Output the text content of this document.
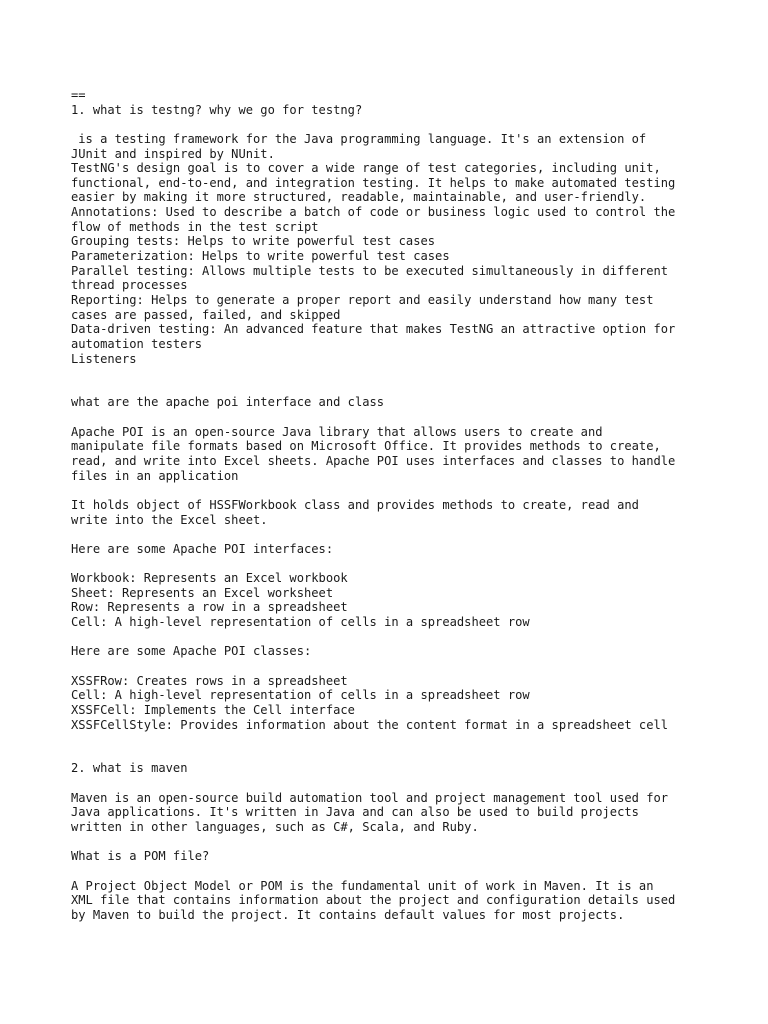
==
1. what is testng? why we go for testng?
is a testing framework for the Java programming language. It's an extension of
JUnit and inspired by NUnit.
TestNG's design goal is to cover a wide range of test categories, including unit,
functional, end-to-end, and integration testing. It helps to make automated testing
easier by making it more structured, readable, maintainable, and user-friendly.
Annotations: Used to describe a batch of code or business logic used to control the
flow of methods in the test script
Grouping tests: Helps to write powerful test cases
Parameterization: Helps to write powerful test cases
Parallel testing: Allows multiple tests to be executed simultaneously in different
thread processes
Reporting: Helps to generate a proper report and easily understand how many test
cases are passed, failed, and skipped
Data-driven testing: An advanced feature that makes TestNG an attractive option for
automation testers
Listeners
what are the apache poi interface and class
Apache POI is an open-source Java library that allows users to create and
manipulate file formats based on Microsoft Office. It provides methods to create,
read, and write into Excel sheets. Apache POI uses interfaces and classes to handle
files in an application
It holds object of HSSFWorkbook class and provides methods to create, read and
write into the Excel sheet.
Here are some Apache POI interfaces:
Workbook: Represents an Excel workbook
Sheet: Represents an Excel worksheet
Row: Represents a row in a spreadsheet
Cell: A high-level representation of cells in a spreadsheet row
Here are some Apache POI classes:
XSSFRow: Creates rows in a spreadsheet
Cell: A high-level representation of cells in a spreadsheet row
XSSFCell: Implements the Cell interface
XSSFCellStyle: Provides information about the content format in a spreadsheet cell
2. what is maven
Maven is an open-source build automation tool and project management tool used for
Java applications. It's written in Java and can also be used to build projects
written in other languages, such as C#, Scala, and Ruby.
What is a POM file?
A Project Object Model or POM is the fundamental unit of work in Maven. It is an
XML file that contains information about the project and configuration details used
by Maven to build the project. It contains default values for most projects.
